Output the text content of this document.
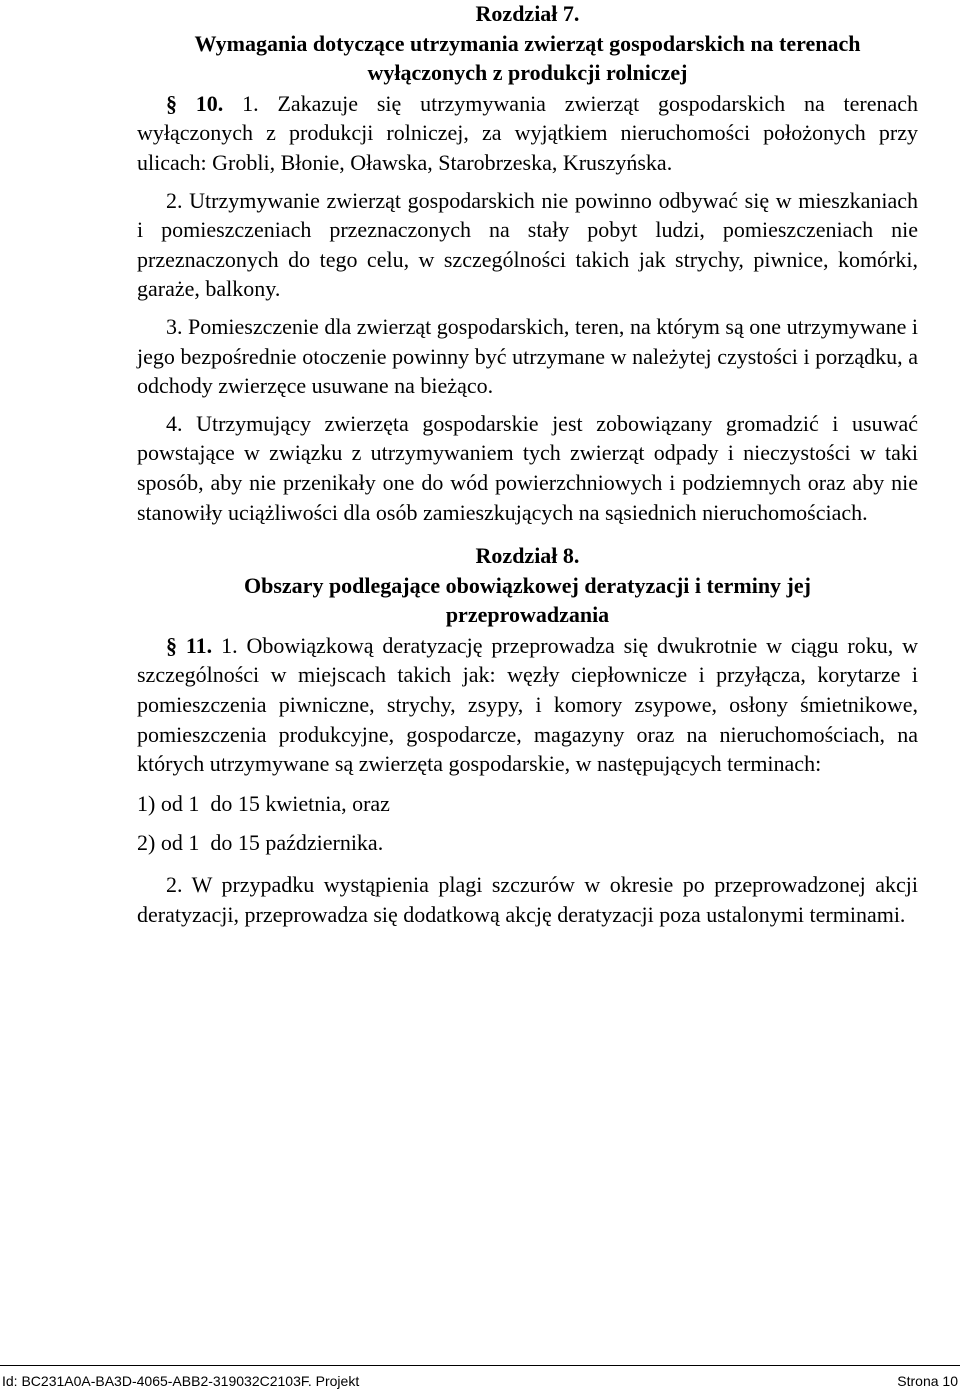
Rozdział 7.

Wymagania dotyczące utrzymania zwierząt gospodarskich na terenach

wyłączonych z produkcji rolniczej

§ 10. 1. Zakazuje się utrzymywania zwierząt gospodarskich na terenach wyłączonych z produkcji rolniczej, za wyjątkiem nieruchomości położonych przy ulicach: Grobli, Błonie, Oławska, Starobrzeska, Kruszyńska.

2. Utrzymywanie zwierząt gospodarskich nie powinno odbywać się w mieszkaniach i pomieszczeniach przeznaczonych na stały pobyt ludzi, pomieszczeniach nie przeznaczonych do tego celu, w szczególności takich jak strychy, piwnice, komórki, garaże, balkony.

3. Pomieszczenie dla zwierząt gospodarskich, teren, na którym są one utrzymywane i jego bezpośrednie otoczenie powinny być utrzymane w należytej czystości i porządku, a odchody zwierzęce usuwane na bieżąco.

4. Utrzymujący zwierzęta gospodarskie jest zobowiązany gromadzić i usuwać powstające w związku z utrzymywaniem tych zwierząt odpady i nieczystości w taki sposób, aby nie przenikały one do wód powierzchniowych i podziemnych oraz aby nie stanowiły uciążliwości dla osób zamieszkujących na sąsiednich nieruchomościach.

Rozdział 8.

Obszary podlegające obowiązkowej deratyzacji i terminy jej

przeprowadzania

§ 11. 1. Obowiązkową deratyzację przeprowadza się dwukrotnie w ciągu roku, w szczególności w miejscach takich jak: węzły ciepłownicze i przyłącza, korytarze i pomieszczenia piwniczne, strychy, zsypy, i komory zsypowe, osłony śmietnikowe, pomieszczenia produkcyjne, gospodarcze, magazyny oraz na nieruchomościach, na których utrzymywane są zwierzęta gospodarskie, w następujących terminach:

1) od 1  do 15 kwietnia, oraz

2) od 1  do 15 października.

2. W przypadku wystąpienia plagi szczurów w okresie po przeprowadzonej akcji deratyzacji, przeprowadza się dodatkową akcję deratyzacji poza ustalonymi terminami.

Id: BC231A0A-BA3D-4065-ABB2-319032C2103F. Projekt	Strona 10
